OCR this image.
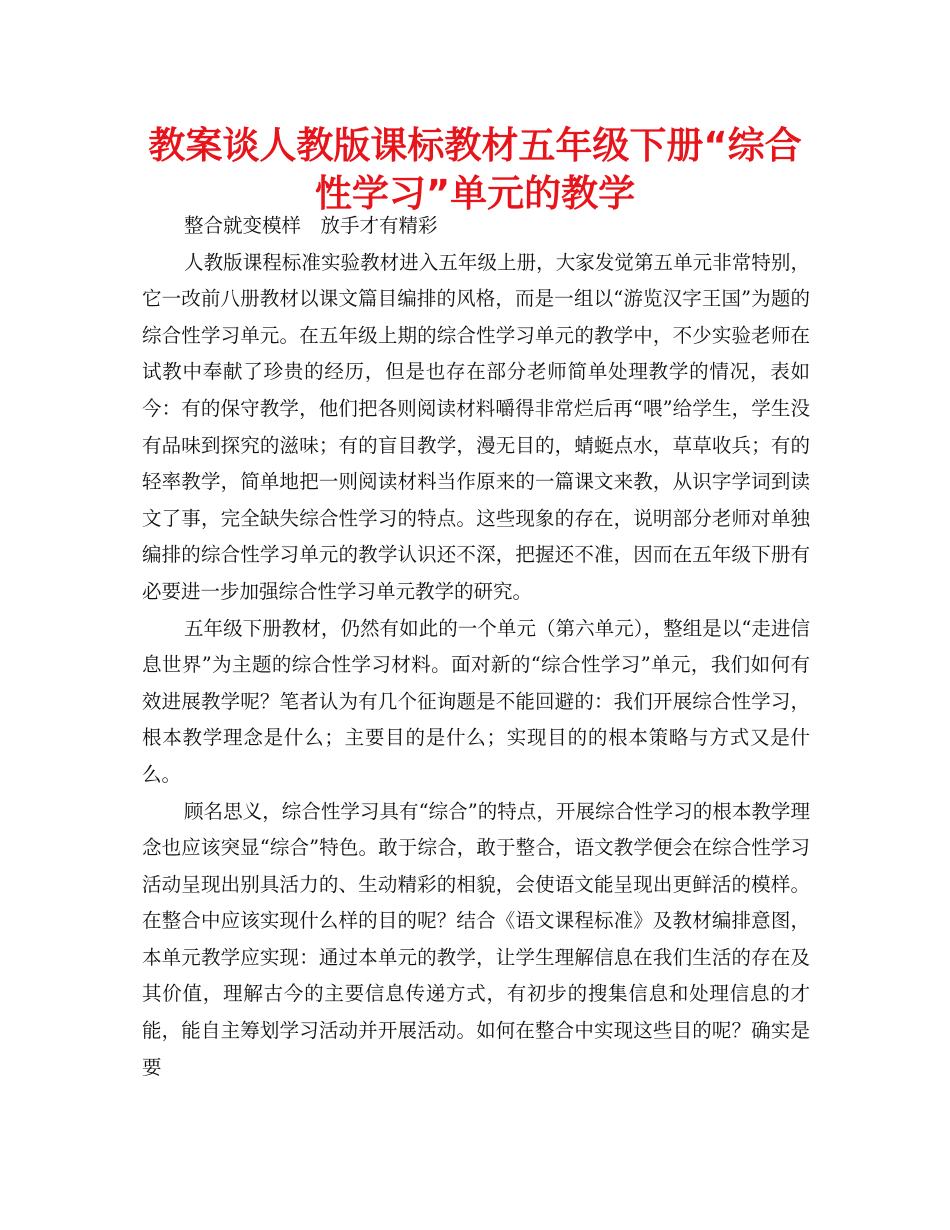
教案谈人教版课标教材五年级下册“综合性学习”单元的教学

整合就变模样　放手才有精彩

人教版课程标准实验教材进入五年级上册，大家发觉第五单元非常特别，它一改前八册教材以课文篇目编排的风格，而是一组以“游览汉字王国”为题的综合性学习单元。在五年级上期的综合性学习单元的教学中，不少实验老师在试教中奉献了珍贵的经历，但是也存在部分老师简单处理教学的情况，表如今：有的保守教学，他们把各则阅读材料嚼得非常烂后再“喂”给学生，学生没有品味到探究的滋味；有的盲目教学，漫无目的，蜻蜓点水，草草收兵；有的轻率教学，简单地把一则阅读材料当作原来的一篇课文来教，从识字学词到读文了事，完全缺失综合性学习的特点。这些现象的存在，说明部分老师对单独编排的综合性学习单元的教学认识还不深，把握还不准，因而在五年级下册有必要进一步加强综合性学习单元教学的研究。

五年级下册教材，仍然有如此的一个单元（第六单元），整组是以“走进信息世界”为主题的综合性学习材料。面对新的“综合性学习”单元，我们如何有效进展教学呢？笔者认为有几个征询题是不能回避的：我们开展综合性学习，根本教学理念是什么；主要目的是什么；实现目的的根本策略与方式又是什么。

顾名思义，综合性学习具有“综合”的特点，开展综合性学习的根本教学理念也应该突显“综合”特色。敢于综合，敢于整合，语文教学便会在综合性学习活动呈现出别具活力的、生动精彩的相貌，会使语文能呈现出更鲜活的模样。在整合中应该实现什么样的目的呢？结合《语文课程标准》及教材编排意图，本单元教学应实现：通过本单元的教学，让学生理解信息在我们生活的存在及其价值，理解古今的主要信息传递方式，有初步的搜集信息和处理信息的才能，能自主筹划学习活动并开展活动。如何在整合中实现这些目的呢？确实是要
